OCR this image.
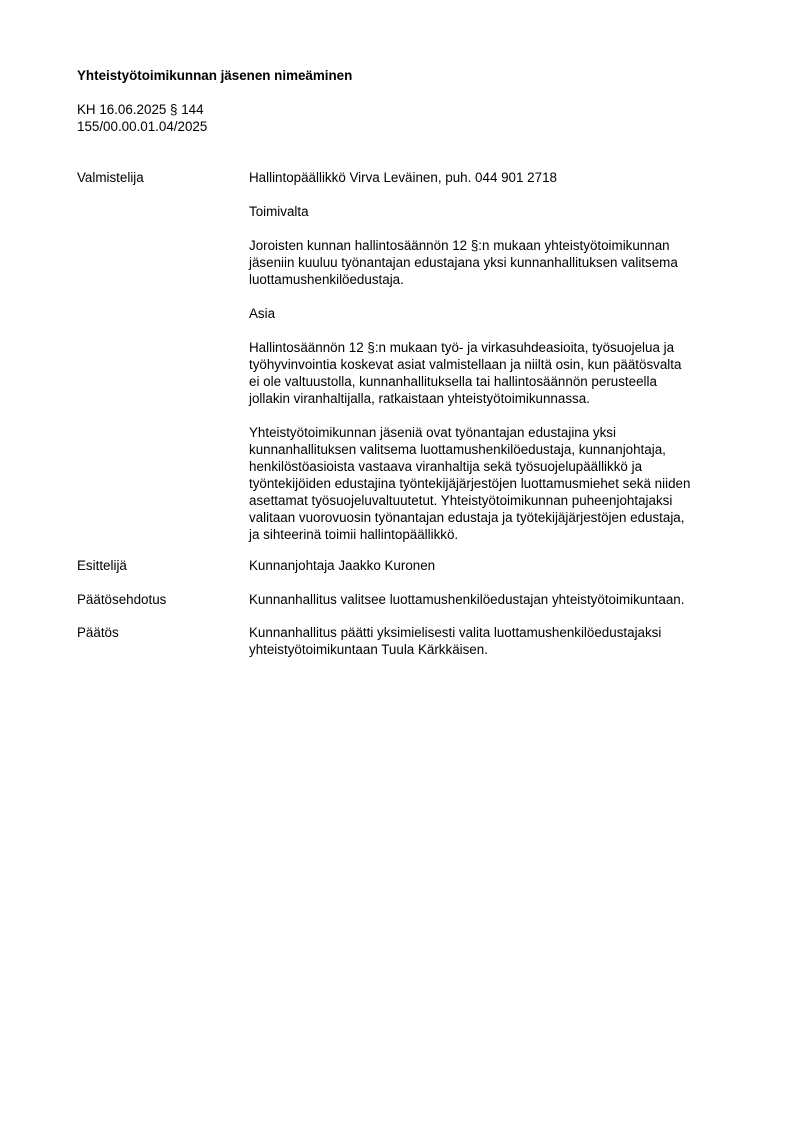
Yhteistyötoimikunnan jäsenen nimeäminen
KH 16.06.2025 § 144
155/00.00.01.04/2025
Valmistelija	Hallintopäällikkö Virva Leväinen, puh. 044 901 2718

Toimivalta

Joroisten kunnan hallintosäännön 12 §:n mukaan yhteistyötoimikunnan
jäseniin kuuluu työnantajan edustajana yksi kunnanhallituksen valitsema
luottamushenkilöedustaja.

Asia

Hallintosäännön 12 §:n mukaan työ- ja virkasuhdeasioita, työsuojelua ja
työhyvinvointia koskevat asiat valmistellaan ja niiltä osin, kun päätösvalta
ei ole valtuustolla, kunnanhallituksella tai hallintosäännön perusteella
jollakin viranhaltijalla, ratkaistaan yhteistyötoimikunnassa.

Yhteistyötoimikunnan jäseniä ovat työnantajan edustajina yksi
kunnanhallituksen valitsema luottamushenkilöedustaja, kunnanjohtaja,
henkilöstöasioista vastaava viranhaltija sekä työsuojelupäällikkö ja
työntekijöiden edustajina työntekijäjärjestöjen luottamusmiehet sekä niiden
asettamat työsuojeluvaltuutetut. Yhteistyötoimikunnan puheenjohtajaksi
valitaan vuorovuosin työnantajan edustaja ja työtekijäjärjestöjen edustaja,
ja sihteerinä toimii hallintopäällikkö.

Esittelijä	Kunnanjohtaja Jaakko Kuronen
Päätösehdotus	Kunnanhallitus valitsee luottamushenkilöedustajan yhteistyötoimikuntaan.
Päätös	Kunnanhallitus päätti yksimielisesti valita luottamushenkilöedustajaksi
yhteistyötoimikuntaan Tuula Kärkkäisen.
